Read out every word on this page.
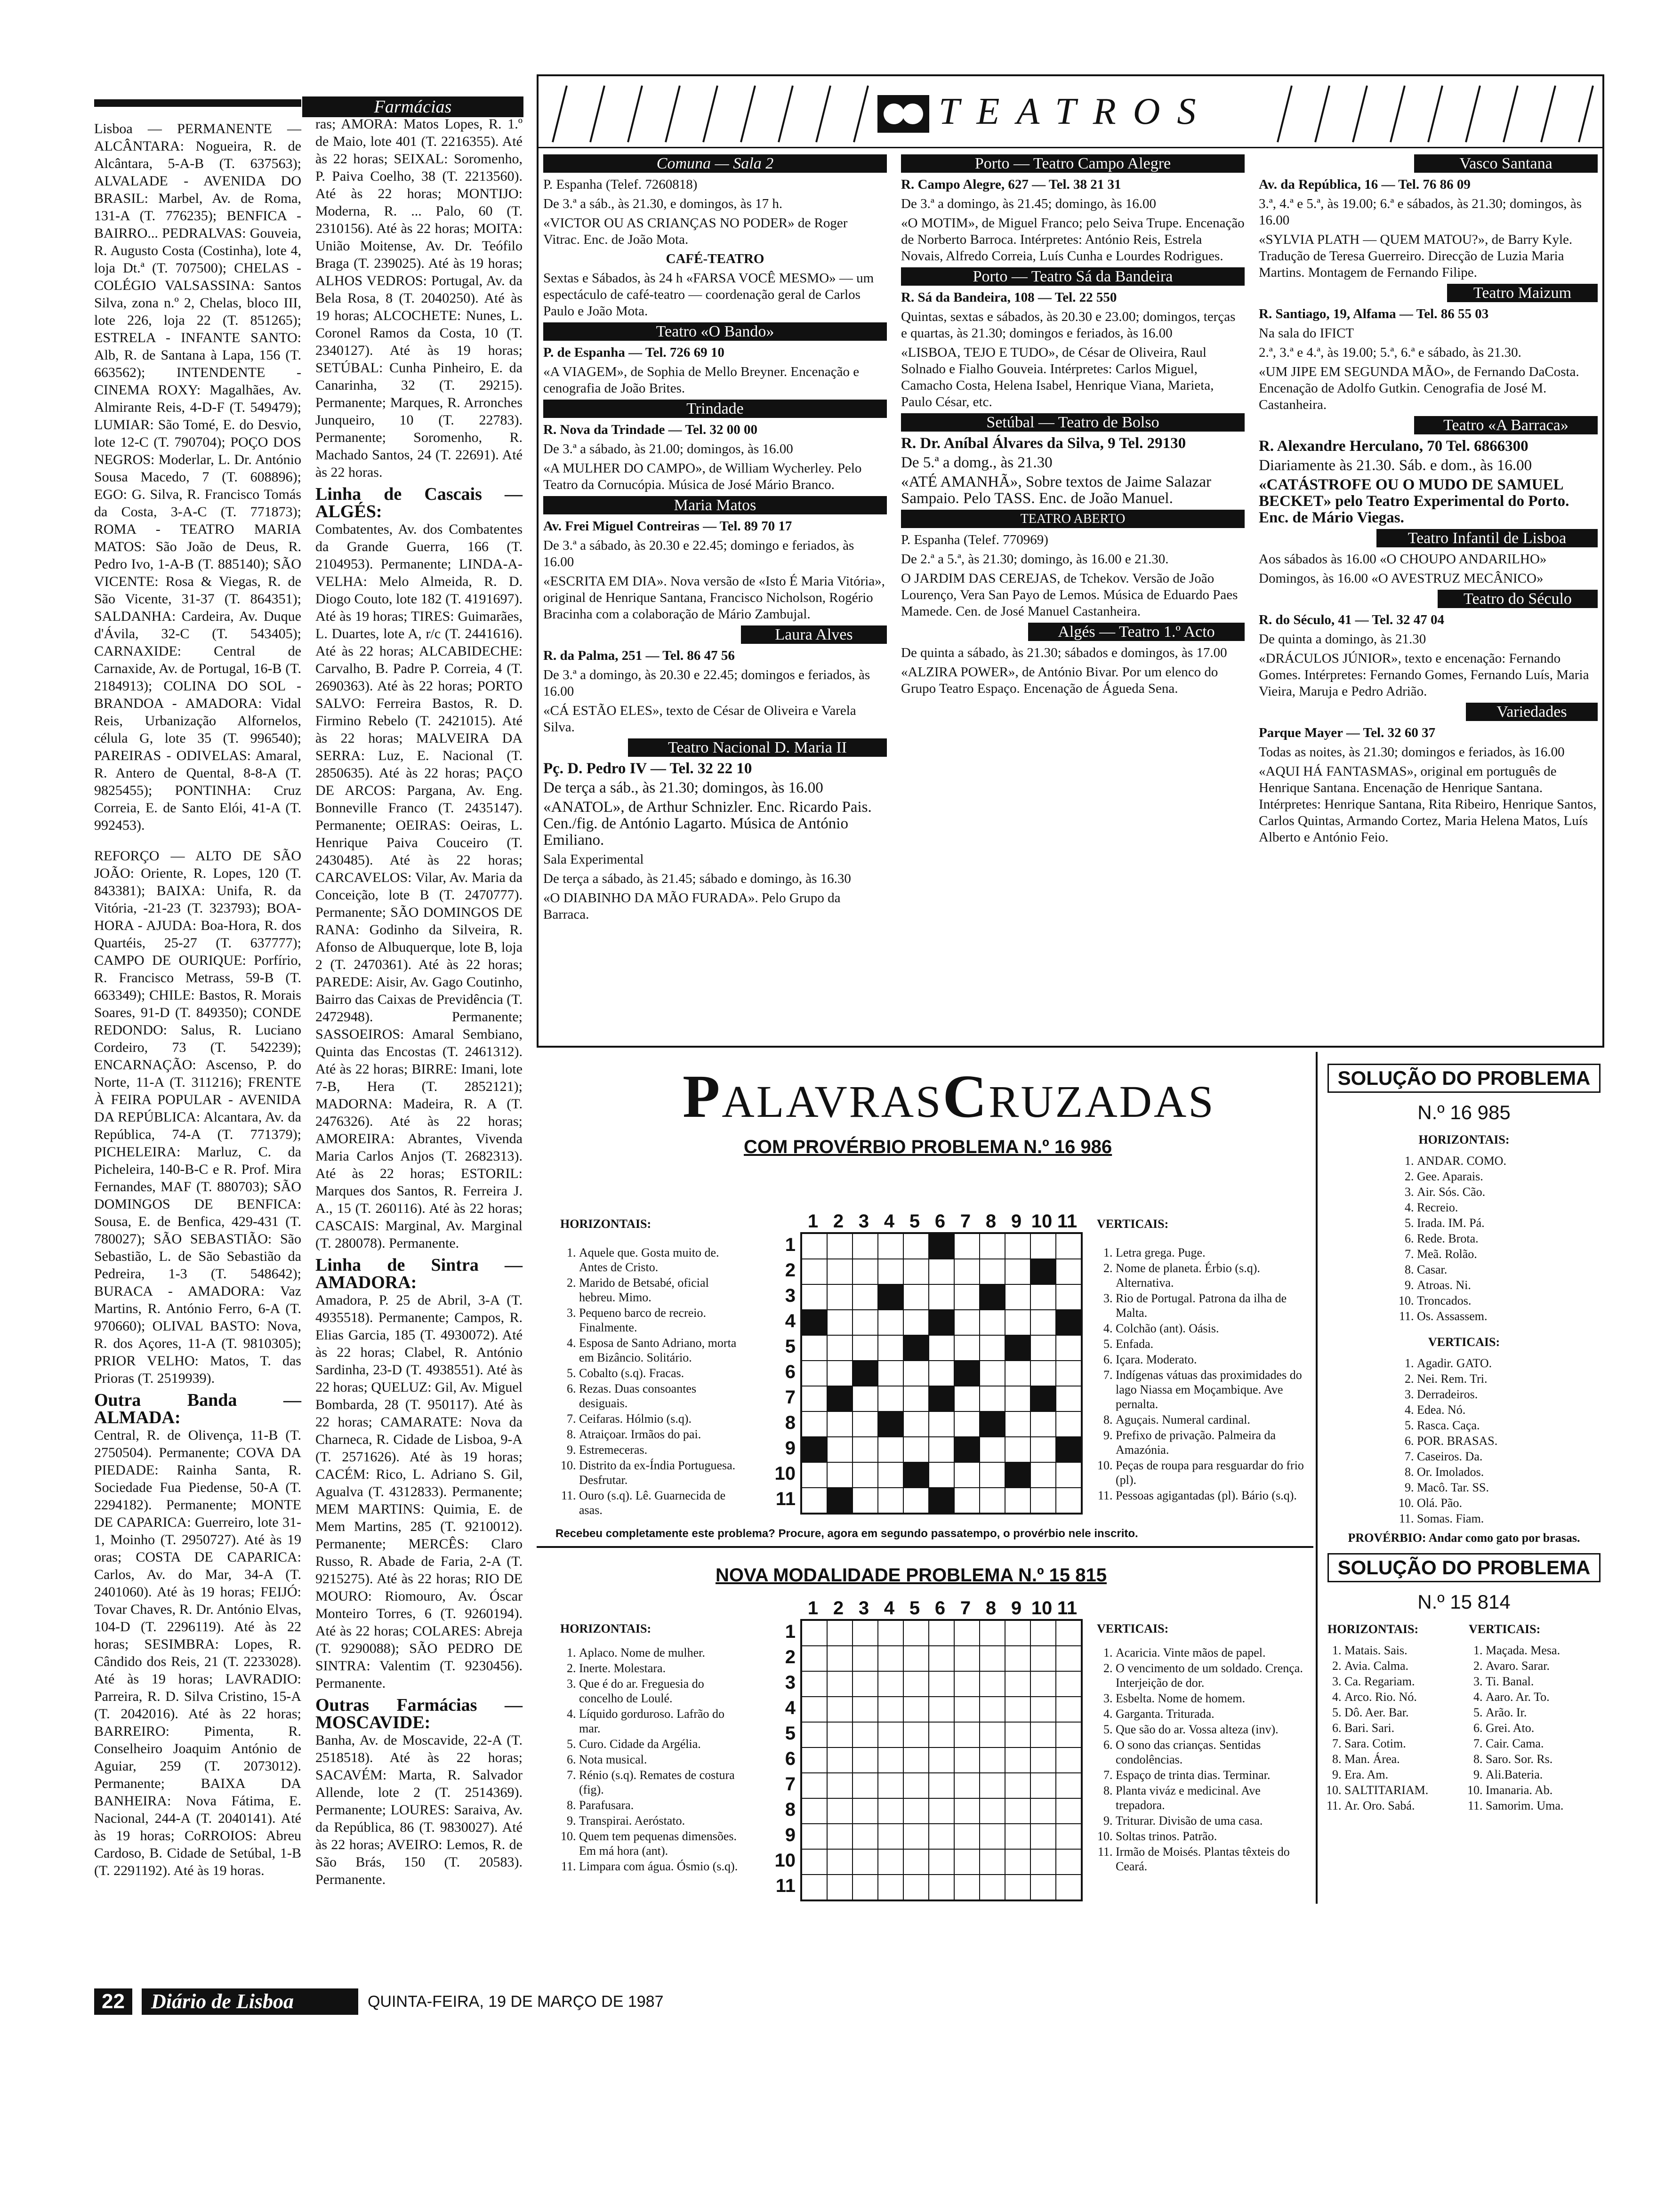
Farmácias
Lisboa — PERMANENTE — ALCÂNTARA: Nogueira, R. de Alcântara, 5-A-B (T. 637563); ALVALADE - AVENIDA DO BRASIL: Marbel, Av. de Roma, 131-A (T. 776235); BENFICA - BAIRRO... PEDRALVAS: Gouveia, R. Augusto Costa (Costinha), lote 4, loja Dt.ª (T. 707500); CHELAS - COLÉGIO VALSASSINA: Santos Silva, zona n.º 2, Chelas, bloco III, lote 226, loja 22 (T. 851265); ESTRELA - INFANTE SANTO: Alb, R. de Santana à Lapa, 156 (T. 663562); INTENDENTE - CINEMA ROXY: Magalhães, Av. Almirante Reis, 4-D-F (T. 549479); LUMIAR: São Tomé, E. do Desvio, lote 12-C (T. 790704); POÇO DOS NEGROS: Moderlar, L. Dr. António Sousa Macedo, 7 (T. 608896); EGO: G. Silva, R. Francisco Tomás da Costa, 3-A-C (T. 771873); ROMA - TEATRO MARIA MATOS: São João de Deus, R. Pedro Ivo, 1-A-B (T. 885140); SÃO VICENTE: Rosa & Viegas, R. de São Vicente, 31-37 (T. 864351); SALDANHA: Cardeira, Av. Duque d'Ávila, 32-C (T. 543405); CARNAXIDE: Central de Carnaxide, Av. de Portugal, 16-B (T. 2184913); COLINA DO SOL - BRANDOA - AMADORA: Vidal Reis, Urbanização Alfornelos, célula G, lote 35 (T. 996540); PAREIRAS - ODIVELAS: Amaral, R. Antero de Quental, 8-8-A (T. 9825455); PONTINHA: Cruz Correia, E. de Santo Elói, 41-A (T. 992453).
REFORÇO — ALTO DE SÃO JOÃO: Oriente, R. Lopes, 120 (T. 843381); BAIXA: Unifa, R. da Vitória, -21-23 (T. 323793); BOA-HORA - AJUDA: Boa-Hora, R. dos Quartéis, 25-27 (T. 637777); CAMPO DE OURIQUE: Porfírio, R. Francisco Metrass, 59-B (T. 663349); CHILE: Bastos, R. Morais Soares, 91-D (T. 849350); CONDE REDONDO: Salus, R. Luciano Cordeiro, 73 (T. 542239); ENCARNAÇÃO: Ascenso, P. do Norte, 11-A (T. 311216); FRENTE À FEIRA POPULAR - AVENIDA DA REPÚBLICA: Alcantara, Av. da República, 74-A (T. 771379); PICHELEIRA: Marluz, C. da Picheleira, 140-B-C e R. Prof. Mira Fernandes, MAF (T. 880703); SÃO DOMINGOS DE BENFICA: Sousa, E. de Benfica, 429-431 (T. 780027); SÃO SEBASTIÃO: São Sebastião, L. de São Sebastião da Pedreira, 1-3 (T. 548642); BURACA - AMADORA: Vaz Martins, R. António Ferro, 6-A (T. 970660); OLIVAL BASTO: Nova, R. dos Açores, 11-A (T. 9810305); PRIOR VELHO: Matos, T. das Prioras (T. 2519939).
Outra Banda — ALMADA:
Central, R. de Olivença, 11-B (T. 2750504). Permanente; COVA DA PIEDADE: Rainha Santa, R. Sociedade Fua Piedense, 50-A (T. 2294182). Permanente; MONTE DE CAPARICA: Guerreiro, lote 31-1, Moinho (T. 2950727). Até às 19 oras; COSTA DE CAPARICA: Carlos, Av. do Mar, 34-A (T. 2401060). Até às 19 horas; FEIJÓ: Tovar Chaves, R. Dr. António Elvas, 104-D (T. 2296119). Até às 22 horas; SESIMBRA: Lopes, R. Cândido dos Reis, 21 (T. 2233028). Até às 19 horas; LAVRADIO: Parreira, R. D. Silva Cristino, 15-A (T. 2042016). Até às 22 horas; BARREIRO: Pimenta, R. Conselheiro Joaquim António de Aguiar, 259 (T. 2073012). Permanente; BAIXA DA BANHEIRA: Nova Fátima, E. Nacional, 244-A (T. 2040141). Até às 19 horas; CoRROIOS: Abreu Cardoso, B. Cidade de Setúbal, 1-B (T. 2291192). Até às 19 horas.
ras; AMORA: Matos Lopes, R. 1.º de Maio, lote 401 (T. 2216355). Até às 22 horas; SEIXAL: Soromenho, P. Paiva Coelho, 38 (T. 2213560). Até às 22 horas; MONTIJO: Moderna, R. ... Palo, 60 (T. 2310156). Até às 22 horas; MOITA: União Moitense, Av. Dr. Teófilo Braga (T. 239025). Até às 19 horas; ALHOS VEDROS: Portugal, Av. da Bela Rosa, 8 (T. 2040250). Até às 19 horas; ALCOCHETE: Nunes, L. Coronel Ramos da Costa, 10 (T. 2340127). Até às 19 horas; SETÚBAL: Cunha Pinheiro, E. da Canarinha, 32 (T. 29215). Permanente; Marques, R. Arronches Junqueiro, 10 (T. 22783). Permanente; Soromenho, R. Machado Santos, 24 (T. 22691). Até às 22 horas.
Linha de Cascais — ALGÉS:
Combatentes, Av. dos Combatentes da Grande Guerra, 166 (T. 2104953). Permanente; LINDA-A-VELHA: Melo Almeida, R. D. Diogo Couto, lote 182 (T. 4191697). Até às 19 horas; TIRES: Guimarães, L. Duartes, lote A, r/c (T. 2441616). Até às 22 horas; ALCABIDECHE: Carvalho, B. Padre P. Correia, 4 (T. 2690363). Até às 22 horas; PORTO SALVO: Ferreira Bastos, R. D. Firmino Rebelo (T. 2421015). Até às 22 horas; MALVEIRA DA SERRA: Luz, E. Nacional (T. 2850635). Até às 22 horas; PAÇO DE ARCOS: Pargana, Av. Eng. Bonneville Franco (T. 2435147). Permanente; OEIRAS: Oeiras, L. Henrique Paiva Couceiro (T. 2430485). Até às 22 horas; CARCAVELOS: Vilar, Av. Maria da Conceição, lote B (T. 2470777). Permanente; SÃO DOMINGOS DE RANA: Godinho da Silveira, R. Afonso de Albuquerque, lote B, loja 2 (T. 2470361). Até às 22 horas; PAREDE: Aisir, Av. Gago Coutinho, Bairro das Caixas de Previdência (T. 2472948). Permanente; SASSOEIROS: Amaral Sembiano, Quinta das Encostas (T. 2461312). Até às 22 horas; BIRRE: Imani, lote 7-B, Hera (T. 2852121); MADORNA: Madeira, R. A (T. 2476326). Até às 22 horas; AMOREIRA: Abrantes, Vivenda Maria Carlos Anjos (T. 2682313). Até às 22 horas; ESTORIL: Marques dos Santos, R. Ferreira J. A., 15 (T. 260116). Até às 22 horas; CASCAIS: Marginal, Av. Marginal (T. 280078). Permanente.
Linha de Sintra — AMADORA:
Amadora, P. 25 de Abril, 3-A (T. 4935518). Permanente; Campos, R. Elias Garcia, 185 (T. 4930072). Até às 22 horas; Clabel, R. António Sardinha, 23-D (T. 4938551). Até às 22 horas; QUELUZ: Gil, Av. Miguel Bombarda, 28 (T. 950117). Até às 22 horas; CAMARATE: Nova da Charneca, R. Cidade de Lisboa, 9-A (T. 2571626). Até às 19 horas; CACÉM: Rico, L. Adriano S. Gil, Agualva (T. 4312833). Permanente; MEM MARTINS: Quimia, E. de Mem Martins, 285 (T. 9210012). Permanente; MERCÊS: Claro Russo, R. Abade de Faria, 2-A (T. 9215275). Até às 22 horas; RIO DE MOURO: Riomouro, Av. Óscar Monteiro Torres, 6 (T. 9260194). Até às 22 horas; COLARES: Abreja (T. 9290088); SÃO PEDRO DE SINTRA: Valentim (T. 9230456). Permanente.
Outras Farmácias — MOSCAVIDE:
Banha, Av. de Moscavide, 22-A (T. 2518518). Até às 22 horas; SACAVÉM: Marta, R. Salvador Allende, lote 2 (T. 2514369). Permanente; LOURES: Saraiva, Av. da República, 86 (T. 9830027). Até às 22 horas; AVEIRO: Lemos, R. de São Brás, 150 (T. 20583). Permanente.
TEATROS
Comuna — Sala 2

P. Espanha (Telef. 7260818)

De 3.ª a sáb., às 21.30, e domingos, às 17 h.

«VICTOR OU AS CRIANÇAS NO PODER» de Roger Vitrac. Enc. de João Mota.

CAFÉ-TEATRO

Sextas e Sábados, às 24 h «FARSA VOCÊ MESMO» — um espectáculo de café-teatro — coordenação geral de Carlos Paulo e João Mota.

Teatro «O Bando»

P. de Espanha — Tel. 726 69 10

«A VIAGEM», de Sophia de Mello Breyner. Encenação e cenografia de João Brites.

Trindade

R. Nova da Trindade — Tel. 32 00 00

De 3.ª a sábado, às 21.00; domingos, às 16.00

«A MULHER DO CAMPO», de William Wycherley. Pelo Teatro da Cornucópia. Música de José Mário Branco.

Maria Matos

Av. Frei Miguel Contreiras — Tel. 89 70 17

De 3.ª a sábado, às 20.30 e 22.45; domingo e feriados, às 16.00

«ESCRITA EM DIA». Nova versão de «Isto É Maria Vitória», original de Henrique Santana, Francisco Nicholson, Rogério Bracinha com a colaboração de Mário Zambujal.

Laura Alves

R. da Palma, 251 — Tel. 86 47 56

De 3.ª a domingo, às 20.30 e 22.45; domingos e feriados, às 16.00

«CÁ ESTÃO ELES», texto de César de Oliveira e Varela Silva.

Teatro Nacional D. Maria II

Pç. D. Pedro IV — Tel. 32 22 10

De terça a sáb., às 21.30; domingos, às 16.00

«ANATOL», de Arthur Schnizler. Enc. Ricardo Pais. Cen./fig. de António Lagarto. Música de António Emiliano.

Sala Experimental

De terça a sábado, às 21.45; sábado e domingo, às 16.30

«O DIABINHO DA MÃO FURADA». Pelo Grupo da Barraca.

Porto — Teatro Campo Alegre

R. Campo Alegre, 627 — Tel. 38 21 31

De 3.ª a domingo, às 21.45; domingo, às 16.00

«O MOTIM», de Miguel Franco; pelo Seiva Trupe. Encenação de Norberto Barroca. Intérpretes: António Reis, Estrela Novais, Alfredo Correia, Luís Cunha e Lourdes Rodrigues.

Porto — Teatro Sá da Bandeira

R. Sá da Bandeira, 108 — Tel. 22 550

Quintas, sextas e sábados, às 20.30 e 23.00; domingos, terças e quartas, às 21.30; domingos e feriados, às 16.00

«LISBOA, TEJO E TUDO», de César de Oliveira, Raul Solnado e Fialho Gouveia. Intérpretes: Carlos Miguel, Camacho Costa, Helena Isabel, Henrique Viana, Marieta, Paulo César, etc.

Setúbal — Teatro de Bolso

R. Dr. Aníbal Álvares da Silva, 9 Tel. 29130

De 5.ª a domg., às 21.30

«ATÉ AMANHÃ», Sobre textos de Jaime Salazar Sampaio. Pelo TASS. Enc. de João Manuel.

TEATRO ABERTO

P. Espanha (Telef. 770969)

De 2.ª a 5.ª, às 21.30; domingo, às 16.00 e 21.30.

O JARDIM DAS CEREJAS, de Tchekov. Versão de João Lourenço, Vera San Payo de Lemos. Música de Eduardo Paes Mamede. Cen. de José Manuel Castanheira.

Algés — Teatro 1.º Acto

De quinta a sábado, às 21.30; sábados e domingos, às 17.00

«ALZIRA POWER», de António Bivar. Por um elenco do Grupo Teatro Espaço. Encenação de Águeda Sena.

Vasco Santana

Av. da República, 16 — Tel. 76 86 09

3.ª, 4.ª e 5.ª, às 19.00; 6.ª e sábados, às 21.30; domingos, às 16.00

«SYLVIA PLATH — QUEM MATOU?», de Barry Kyle. Tradução de Teresa Guerreiro. Direcção de Luzia Maria Martins. Montagem de Fernando Filipe.

Teatro Maizum

R. Santiago, 19, Alfama — Tel. 86 55 03

Na sala do IFICT

2.ª, 3.ª e 4.ª, às 19.00; 5.ª, 6.ª e sábado, às 21.30.

«UM JIPE EM SEGUNDA MÃO», de Fernando DaCosta. Encenação de Adolfo Gutkin. Cenografia de José M. Castanheira.

Teatro «A Barraca»

R. Alexandre Herculano, 70 Tel. 6866300

Diariamente às 21.30. Sáb. e dom., às 16.00

«CATÁSTROFE OU O MUDO DE SAMUEL BECKET» pelo Teatro Experimental do Porto. Enc. de Mário Viegas.

Teatro Infantil de Lisboa

Aos sábados às 16.00 «O CHOUPO ANDARILHO»

Domingos, às 16.00 «O AVESTRUZ MECÂNICO»

Teatro do Século

R. do Século, 41 — Tel. 32 47 04

De quinta a domingo, às 21.30

«DRÁCULOS JÚNIOR», texto e encenação: Fernando Gomes. Intérpretes: Fernando Gomes, Fernando Luís, Maria Vieira, Maruja e Pedro Adrião.

Variedades

Parque Mayer — Tel. 32 60 37

Todas as noites, às 21.30; domingos e feriados, às 16.00

«AQUI HÁ FANTASMAS», original em português de Henrique Santana. Encenação de Henrique Santana. Intérpretes: Henrique Santana, Rita Ribeiro, Henrique Santos, Carlos Quintas, Armando Cortez, Maria Helena Matos, Luís Alberto e António Feio.

PALAVRASCRUZADAS
COM PROVÉRBIO PROBLEMA N.º 16 986
HORIZONTAIS:
1. Aquele que. Gosta muito de. Antes de Cristo.
2. Marido de Betsabé, oficial hebreu. Mimo.
3. Pequeno barco de recreio. Finalmente.
4. Esposa de Santo Adriano, morta em Bizâncio. Solitário.
5. Cobalto (s.q). Fracas.
6. Rezas. Duas consoantes desiguais.
7. Ceifaras. Hólmio (s.q).
8. Atraiçoar. Irmãos do pai.
9. Estremeceras.
10. Distrito da ex-Índia Portuguesa. Desfrutar.
11. Ouro (s.q). Lê. Guarnecida de asas.
1 2 3 4 5 6 7 8 9 10 11
1
2
3
4
5
6
7
8
9
10
11
VERTICAIS:
1. Letra grega. Puge.
2. Nome de planeta. Érbio (s.q). Alternativa.
3. Rio de Portugal. Patrona da ilha de Malta.
4. Colchão (ant). Oásis.
5. Enfada.
6. Içara. Moderato.
7. Indígenas vátuas das proximidades do lago Niassa em Moçambique. Ave pernalta.
8. Aguçais. Numeral cardinal.
9. Prefixo de privação. Palmeira da Amazónia.
10. Peças de roupa para resguardar do frio (pl).
11. Pessoas agigantadas (pl). Bário (s.q).
Recebeu completamente este problema? Procure, agora em segundo passatempo, o provérbio nele inscrito.
NOVA MODALIDADE PROBLEMA N.º 15 815
HORIZONTAIS:
1. Aplaco. Nome de mulher.
2. Inerte. Molestara.
3. Que é do ar. Freguesia do concelho de Loulé.
4. Líquido gorduroso. Lafrão do mar.
5. Curo. Cidade da Argélia.
6. Nota musical.
7. Rénio (s.q). Remates de costura (fig).
8. Parafusara.
9. Transpirai. Aeróstato.
10. Quem tem pequenas dimensões. Em má hora (ant).
11. Limpara com água. Ósmio (s.q).
1 2 3 4 5 6 7 8 9 10 11
1
2
3
4
5
6
7
8
9
10
11
VERTICAIS:
1. Acaricia. Vinte mãos de papel.
2. O vencimento de um soldado. Crença. Interjeição de dor.
3. Esbelta. Nome de homem.
4. Garganta. Triturada.
5. Que são do ar. Vossa alteza (inv).
6. O sono das crianças. Sentidas condolências.
7. Espaço de trinta dias. Terminar.
8. Planta viváz e medicinal. Ave trepadora.
9. Triturar. Divisão de uma casa.
10. Soltas trinos. Patrão.
11. Irmão de Moisés. Plantas têxteis do Ceará.
SOLUÇÃO DO PROBLEMA
N.º 16 985
HORIZONTAIS:
1. ANDAR. COMO.
2. Gee. Aparais.
3. Air. Sós. Cão.
4. Recreio.
5. Irada. IM. Pá.
6. Rede. Brota.
7. Meã. Rolão.
8. Casar.
9. Atroas. Ni.
10. Troncados.
11. Os. Assassem.
VERTICAIS:
1. Agadir. GATO.
2. Nei. Rem. Tri.
3. Derradeiros.
4. Edea. Nó.
5. Rasca. Caça.
6. POR. BRASAS.
7. Caseiros. Da.
8. Or. Imolados.
9. Macô. Tar. SS.
10. Olá. Pão.
11. Somas. Fiam.
PROVÉRBIO: Andar como gato por brasas.
SOLUÇÃO DO PROBLEMA
N.º 15 814
HORIZONTAIS:
1. Matais. Sais.
2. Avia. Calma.
3. Ca. Regariam.
4. Arco. Rio. Nó.
5. Dô. Aer. Bar.
6. Bari. Sari.
7. Sara. Cotim.
8. Man. Área.
9. Era. Am.
10. SALTITARIAM.
11. Ar. Oro. Sabá.
VERTICAIS:
1. Maçada. Mesa.
2. Avaro. Sarar.
3. Ti. Banal.
4. Aaro. Ar. To.
5. Arão. Ir.
6. Grei. Ato.
7. Cair. Cama.
8. Saro. Sor. Rs.
9. Ali.Bateria.
10. Imanaria. Ab.
11. Samorim. Uma.
22	Diário de Lisboa	QUINTA-FEIRA, 19 DE MARÇO DE 1987
